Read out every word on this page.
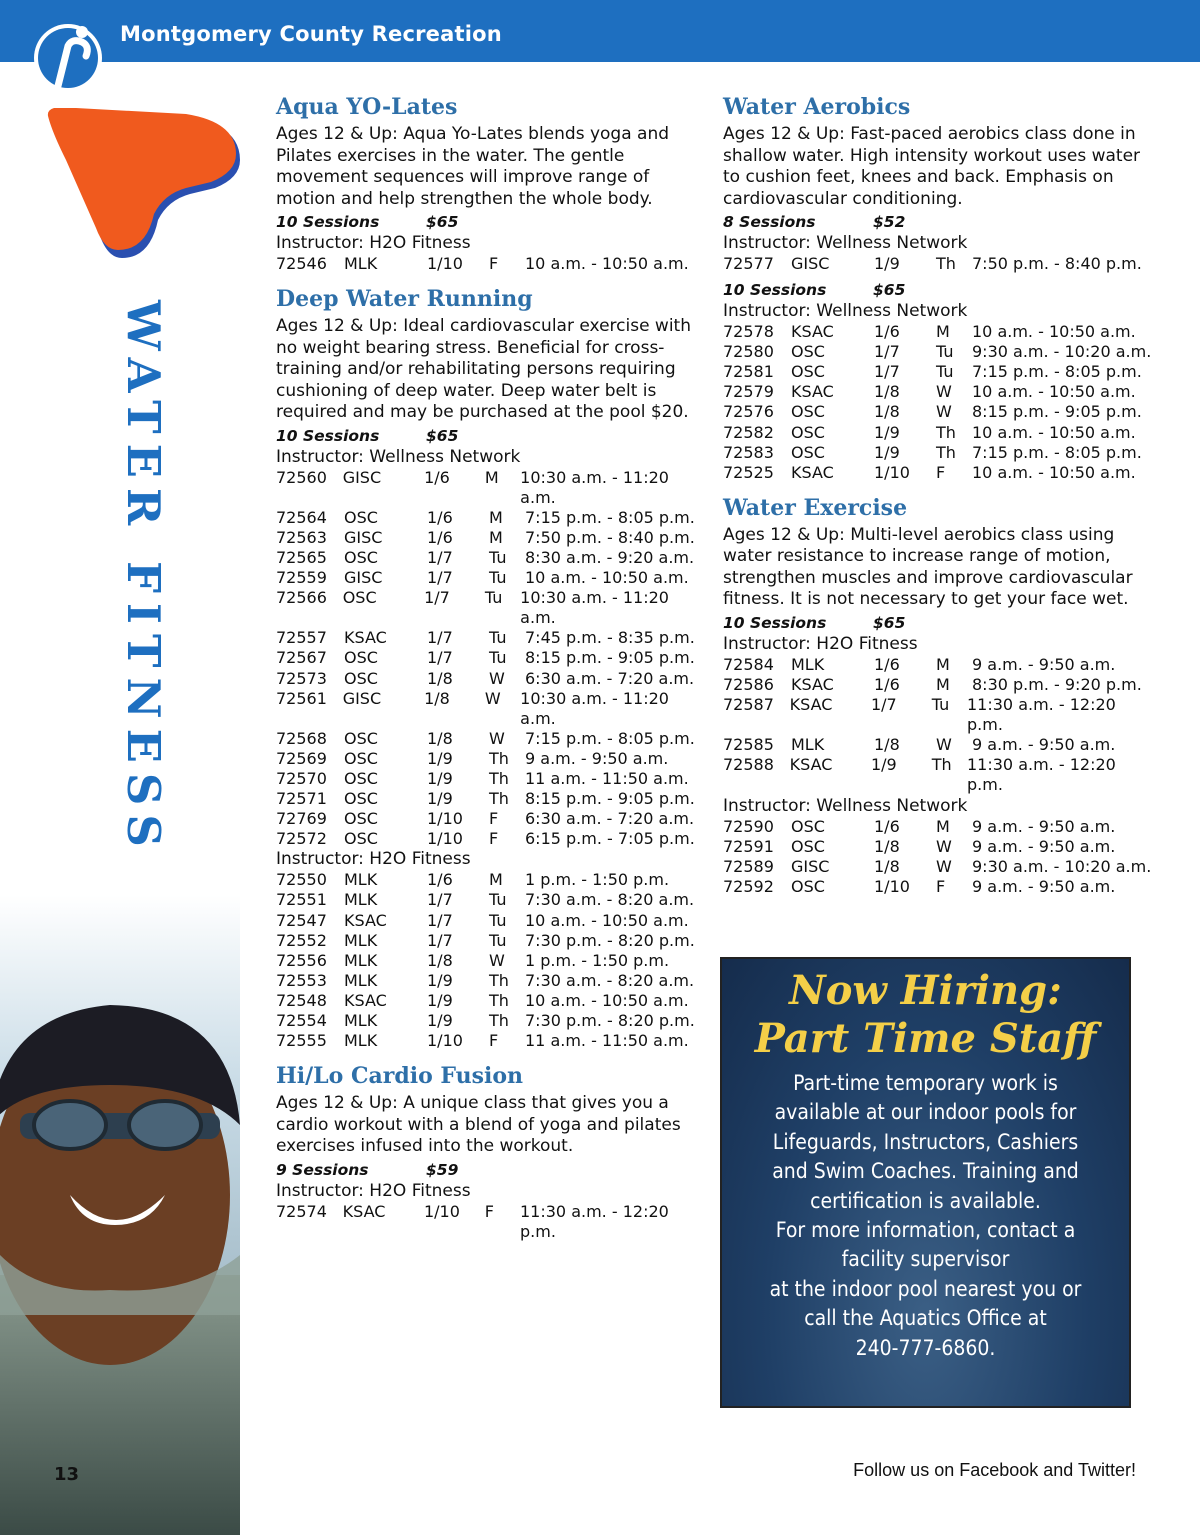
Montgomery County Recreation
WATER FITNESS
13	Follow us on Facebook and Twitter!
Aqua YO-Lates

Ages 12 & Up: Aqua Yo-Lates blends yoga and Pilates exercises in the water. The gentle movement sequences will improve range of motion and help strengthen the whole body.

10 Sessions	$65
Instructor: H2O Fitness
72546	MLK	1/10	F	10 a.m. - 10:50 a.m.
Deep Water Running

Ages 12 & Up: Ideal cardiovascular exercise with no weight bearing stress. Beneficial for cross-training and/or rehabilitating persons requiring cushioning of deep water. Deep water belt is required and may be purchased at the pool $20.

10 Sessions	$65
Instructor: Wellness Network
72560 GISC	1/6	M	10:30 a.m. - 11:20 a.m.
72564	OSC	1/6	M	7:15 p.m. - 8:05 p.m.
72563	GISC	1/6	M	7:50 p.m. - 8:40 p.m.
72565	OSC	1/7	Tu	8:30 a.m. - 9:20 a.m.
72559	GISC	1/7	Tu	10 a.m. - 10:50 a.m.
72566 OSC	1/7	Tu	10:30 a.m. - 11:20 a.m.
72557	KSAC	1/7	Tu	7:45 p.m. - 8:35 p.m.
72567	OSC	1/7	Tu	8:15 p.m. - 9:05 p.m.
72573	OSC	1/8	W	6:30 a.m. - 7:20 a.m.
72561 GISC	1/8	W	10:30 a.m. - 11:20 a.m.
72568	OSC	1/8	W	7:15 p.m. - 8:05 p.m.
72569	OSC	1/9	Th	9 a.m. - 9:50 a.m.
72570	OSC	1/9	Th	11 a.m. - 11:50 a.m.
72571	OSC	1/9	Th	8:15 p.m. - 9:05 p.m.
72769	OSC	1/10	F	6:30 a.m. - 7:20 a.m.
72572	OSC	1/10	F	6:15 p.m. - 7:05 p.m.
Instructor: H2O Fitness
72550	MLK	1/6	M	1 p.m. - 1:50 p.m.
72551	MLK	1/7	Tu	7:30 a.m. - 8:20 a.m.
72547	KSAC	1/7	Tu	10 a.m. - 10:50 a.m.
72552	MLK	1/7	Tu	7:30 p.m. - 8:20 p.m.
72556	MLK	1/8	W	1 p.m. - 1:50 p.m.
72553	MLK	1/9	Th	7:30 a.m. - 8:20 a.m.
72548	KSAC	1/9	Th	10 a.m. - 10:50 a.m.
72554	MLK	1/9	Th	7:30 p.m. - 8:20 p.m.
72555	MLK	1/10	F	11 a.m. - 11:50 a.m.
Hi/Lo Cardio Fusion

Ages 12 & Up: A unique class that gives you a cardio workout with a blend of yoga and pilates exercises infused into the workout.

9 Sessions	$59
Instructor: H2O Fitness
72574 KSAC	1/10	F	11:30 a.m. - 12:20 p.m.
Water Aerobics

Ages 12 & Up: Fast-paced aerobics class done in shallow water. High intensity workout uses water to cushion feet, knees and back. Emphasis on cardiovascular conditioning.

8 Sessions	$52
Instructor: Wellness Network
72577	GISC	1/9	Th	7:50 p.m. - 8:40 p.m.
10 Sessions	$65
Instructor: Wellness Network
72578	KSAC	1/6	M	10 a.m. - 10:50 a.m.
72580	OSC	1/7	Tu	9:30 a.m. - 10:20 a.m.
72581	OSC	1/7	Tu	7:15 p.m. - 8:05 p.m.
72579	KSAC	1/8	W	10 a.m. - 10:50 a.m.
72576	OSC	1/8	W	8:15 p.m. - 9:05 p.m.
72582	OSC	1/9	Th	10 a.m. - 10:50 a.m.
72583	OSC	1/9	Th	7:15 p.m. - 8:05 p.m.
72525	KSAC	1/10	F	10 a.m. - 10:50 a.m.
Water Exercise

Ages 12 & Up: Multi-level aerobics class using water resistance to increase range of motion, strengthen muscles and improve cardiovascular fitness. It is not necessary to get your face wet.

10 Sessions	$65
Instructor: H2O Fitness
72584	MLK	1/6	M	9 a.m. - 9:50 a.m.
72586	KSAC	1/6	M	8:30 p.m. - 9:20 p.m.
72587 KSAC	1/7	Tu	11:30 a.m. - 12:20 p.m.
72585	MLK	1/8	W	9 a.m. - 9:50 a.m.
72588 KSAC	1/9	Th 11:30 a.m. - 12:20 p.m.
Instructor: Wellness Network
72590	OSC	1/6	M	9 a.m. - 9:50 a.m.
72591	OSC	1/8	W	9 a.m. - 9:50 a.m.
72589	GISC	1/8	W	9:30 a.m. - 10:20 a.m.
72592	OSC	1/10	F	9 a.m. - 9:50 a.m.
Now Hiring:
Part Time Staff
Part-time temporary work is
available at our indoor pools for
Lifeguards, Instructors, Cashiers
and Swim Coaches. Training and
certification is available.
For more information, contact a
facility supervisor
at the indoor pool nearest you or
call the Aquatics Office at
240-777-6860.
